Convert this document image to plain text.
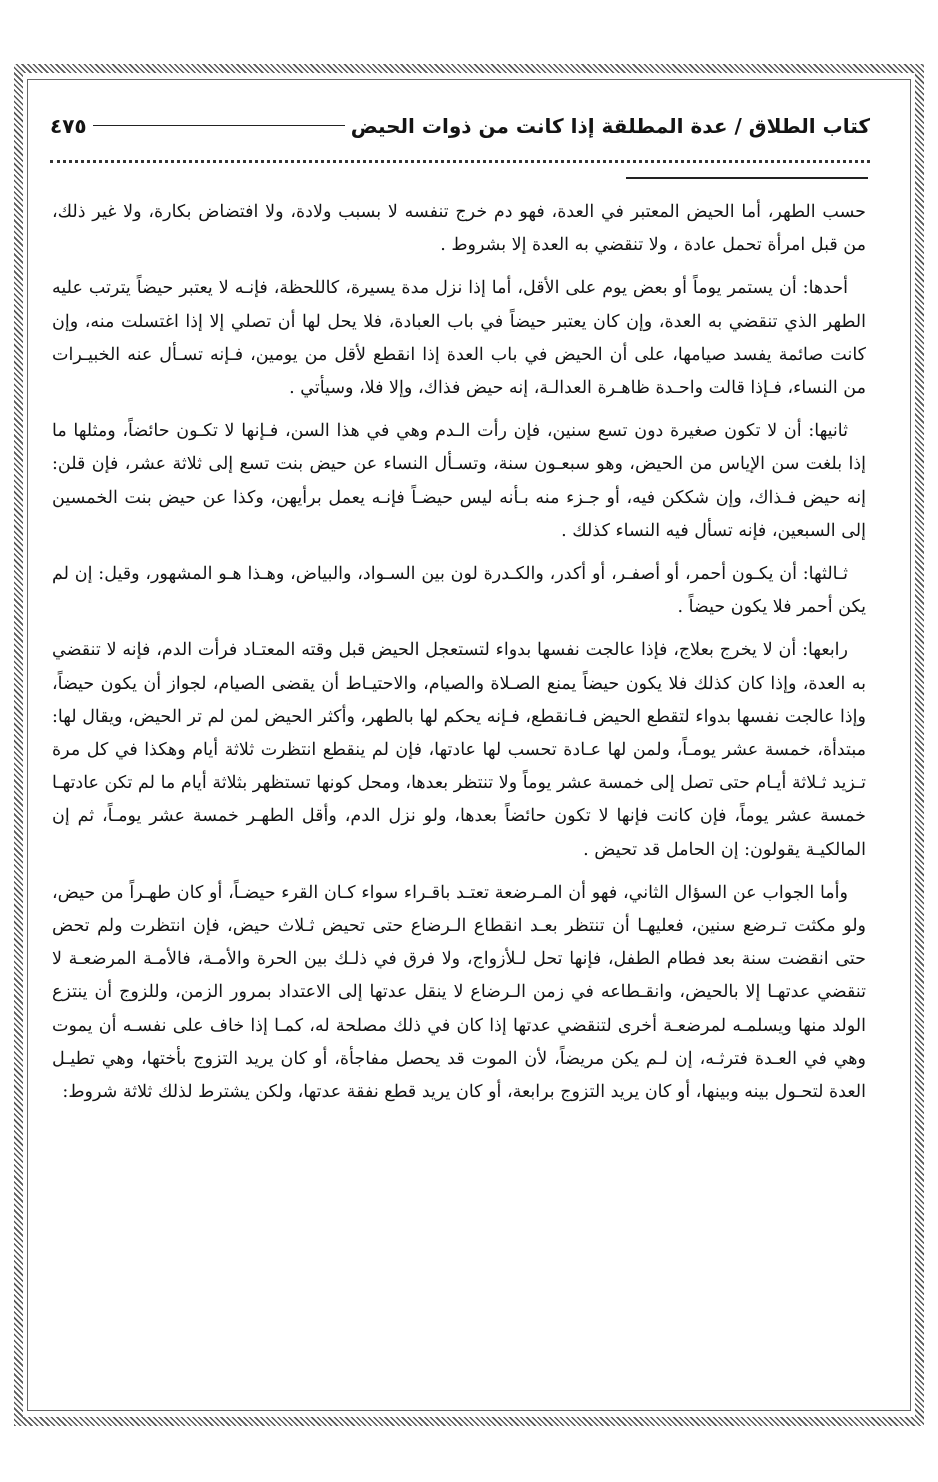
كتاب الطلاق / عدة المطلقة إذا كانت من ذوات الحيض
٤٧٥

حسب الطهر، أما الحيض المعتبر في العدة، فهو دم خرج تنفسه لا بسبب ولادة، ولا افتضاض بكارة، ولا غير ذلك، من قبل امرأة تحمل عادة ، ولا تنقضي به العدة إلا بشروط .

أحدها: أن يستمر يوماً أو بعض يوم على الأقل، أما إذا نزل مدة يسيرة، كاللحظة، فإنـه لا يعتبر حيضاً يترتب عليه الطهر الذي تنقضي به العدة، وإن كان يعتبر حيضاً في باب العبادة، فلا يحل لها أن تصلي إلا إذا اغتسلت منه، وإن كانت صائمة يفسد صيامها، على أن الحيض في باب العدة إذا انقطع لأقل من يومين، فـإنه تسـأل عنه الخبيـرات من النساء، فـإذا قالت واحـدة ظاهـرة العدالـة، إنه حيض فذاك، وإلا فلا، وسيأتي .

ثانيها: أن لا تكون صغيرة دون تسع سنين، فإن رأت الـدم وهي في هذا السن، فـإنها لا تكـون حائضاً، ومثلها ما إذا بلغت سن الإياس من الحيض، وهو سبعـون سنة، وتسـأل النساء عن حيض بنت تسع إلى ثلاثة عشر، فإن قلن: إنه حيض فـذاك، وإن شككن فيه، أو جـزء منه بـأنه ليس حيضـاً فإنـه يعمل برأيهن، وكذا عن حيض بنت الخمسين إلى السبعين، فإنه تسأل فيه النساء كذلك .

ثـالثها: أن يكـون أحمر، أو أصفـر، أو أكدر، والكـدرة لون بين السـواد، والبياض، وهـذا هـو المشهور، وقيل: إن لم يكن أحمر فلا يكون حيضاً .

رابعها: أن لا يخرج بعلاج، فإذا عالجت نفسها بدواء لتستعجل الحيض قبل وقته المعتـاد فرأت الدم، فإنه لا تنقضي به العدة، وإذا كان كذلك فلا يكون حيضاً يمنع الصـلاة والصيام، والاحتيـاط أن يقضى الصيام، لجواز أن يكون حيضاً، وإذا عالجت نفسها بدواء لتقطع الحيض فـانقطع، فـإنه يحكم لها بالطهر، وأكثر الحيض لمن لم تر الحيض، ويقال لها: مبتدأة، خمسة عشر يومـاً، ولمن لها عـادة تحسب لها عادتها، فإن لم ينقطع انتظرت ثلاثة أيام وهكذا في كل مرة تـزيد ثـلاثة أيـام حتى تصل إلى خمسة عشر يوماً ولا تنتظر بعدها، ومحل كونها تستظهر بثلاثة أيام ما لم تكن عادتهـا خمسة عشر يوماً، فإن كانت فإنها لا تكون حائضاً بعدها، ولو نزل الدم، وأقل الطهـر خمسة عشر يومـاً، ثم إن المالكيـة يقولون: إن الحامل قد تحيض .

وأما الجواب عن السؤال الثاني، فهو أن المـرضعة تعتـد باقـراء سواء كـان القرء حيضـاً، أو كان طهـراً من حيض، ولو مكثت تـرضع سنين، فعليهـا أن تنتظر بعـد انقطاع الـرضاع حتى تحيض ثـلاث حيض، فإن انتظرت ولم تحض حتى انقضت سنة بعد فطام الطفل، فإنها تحل لـلأزواج، ولا فرق في ذلـك بين الحرة والأمـة، فالأمـة المرضعـة لا تنقضي عدتهـا إلا بالحيض، وانقـطاعه في زمن الـرضاع لا ينقل عدتها إلى الاعتداد بمرور الزمن، وللزوج أن ينتزع الولد منها ويسلمـه لمرضعـة أخرى لتنقضي عدتها إذا كان في ذلك مصلحة له، كمـا إذا خاف على نفسـه أن يموت وهي في العـدة فترثـه، إن لـم يكن مريضاً، لأن الموت قد يحصل مفاجأة، أو كان يريد التزوج بأختها، وهي تطيـل العدة لتحـول بينه وبينها، أو كان يريد التزوج برابعة، أو كان يريد قطع نفقة عدتها، ولكن يشترط لذلك ثلاثة شروط:
